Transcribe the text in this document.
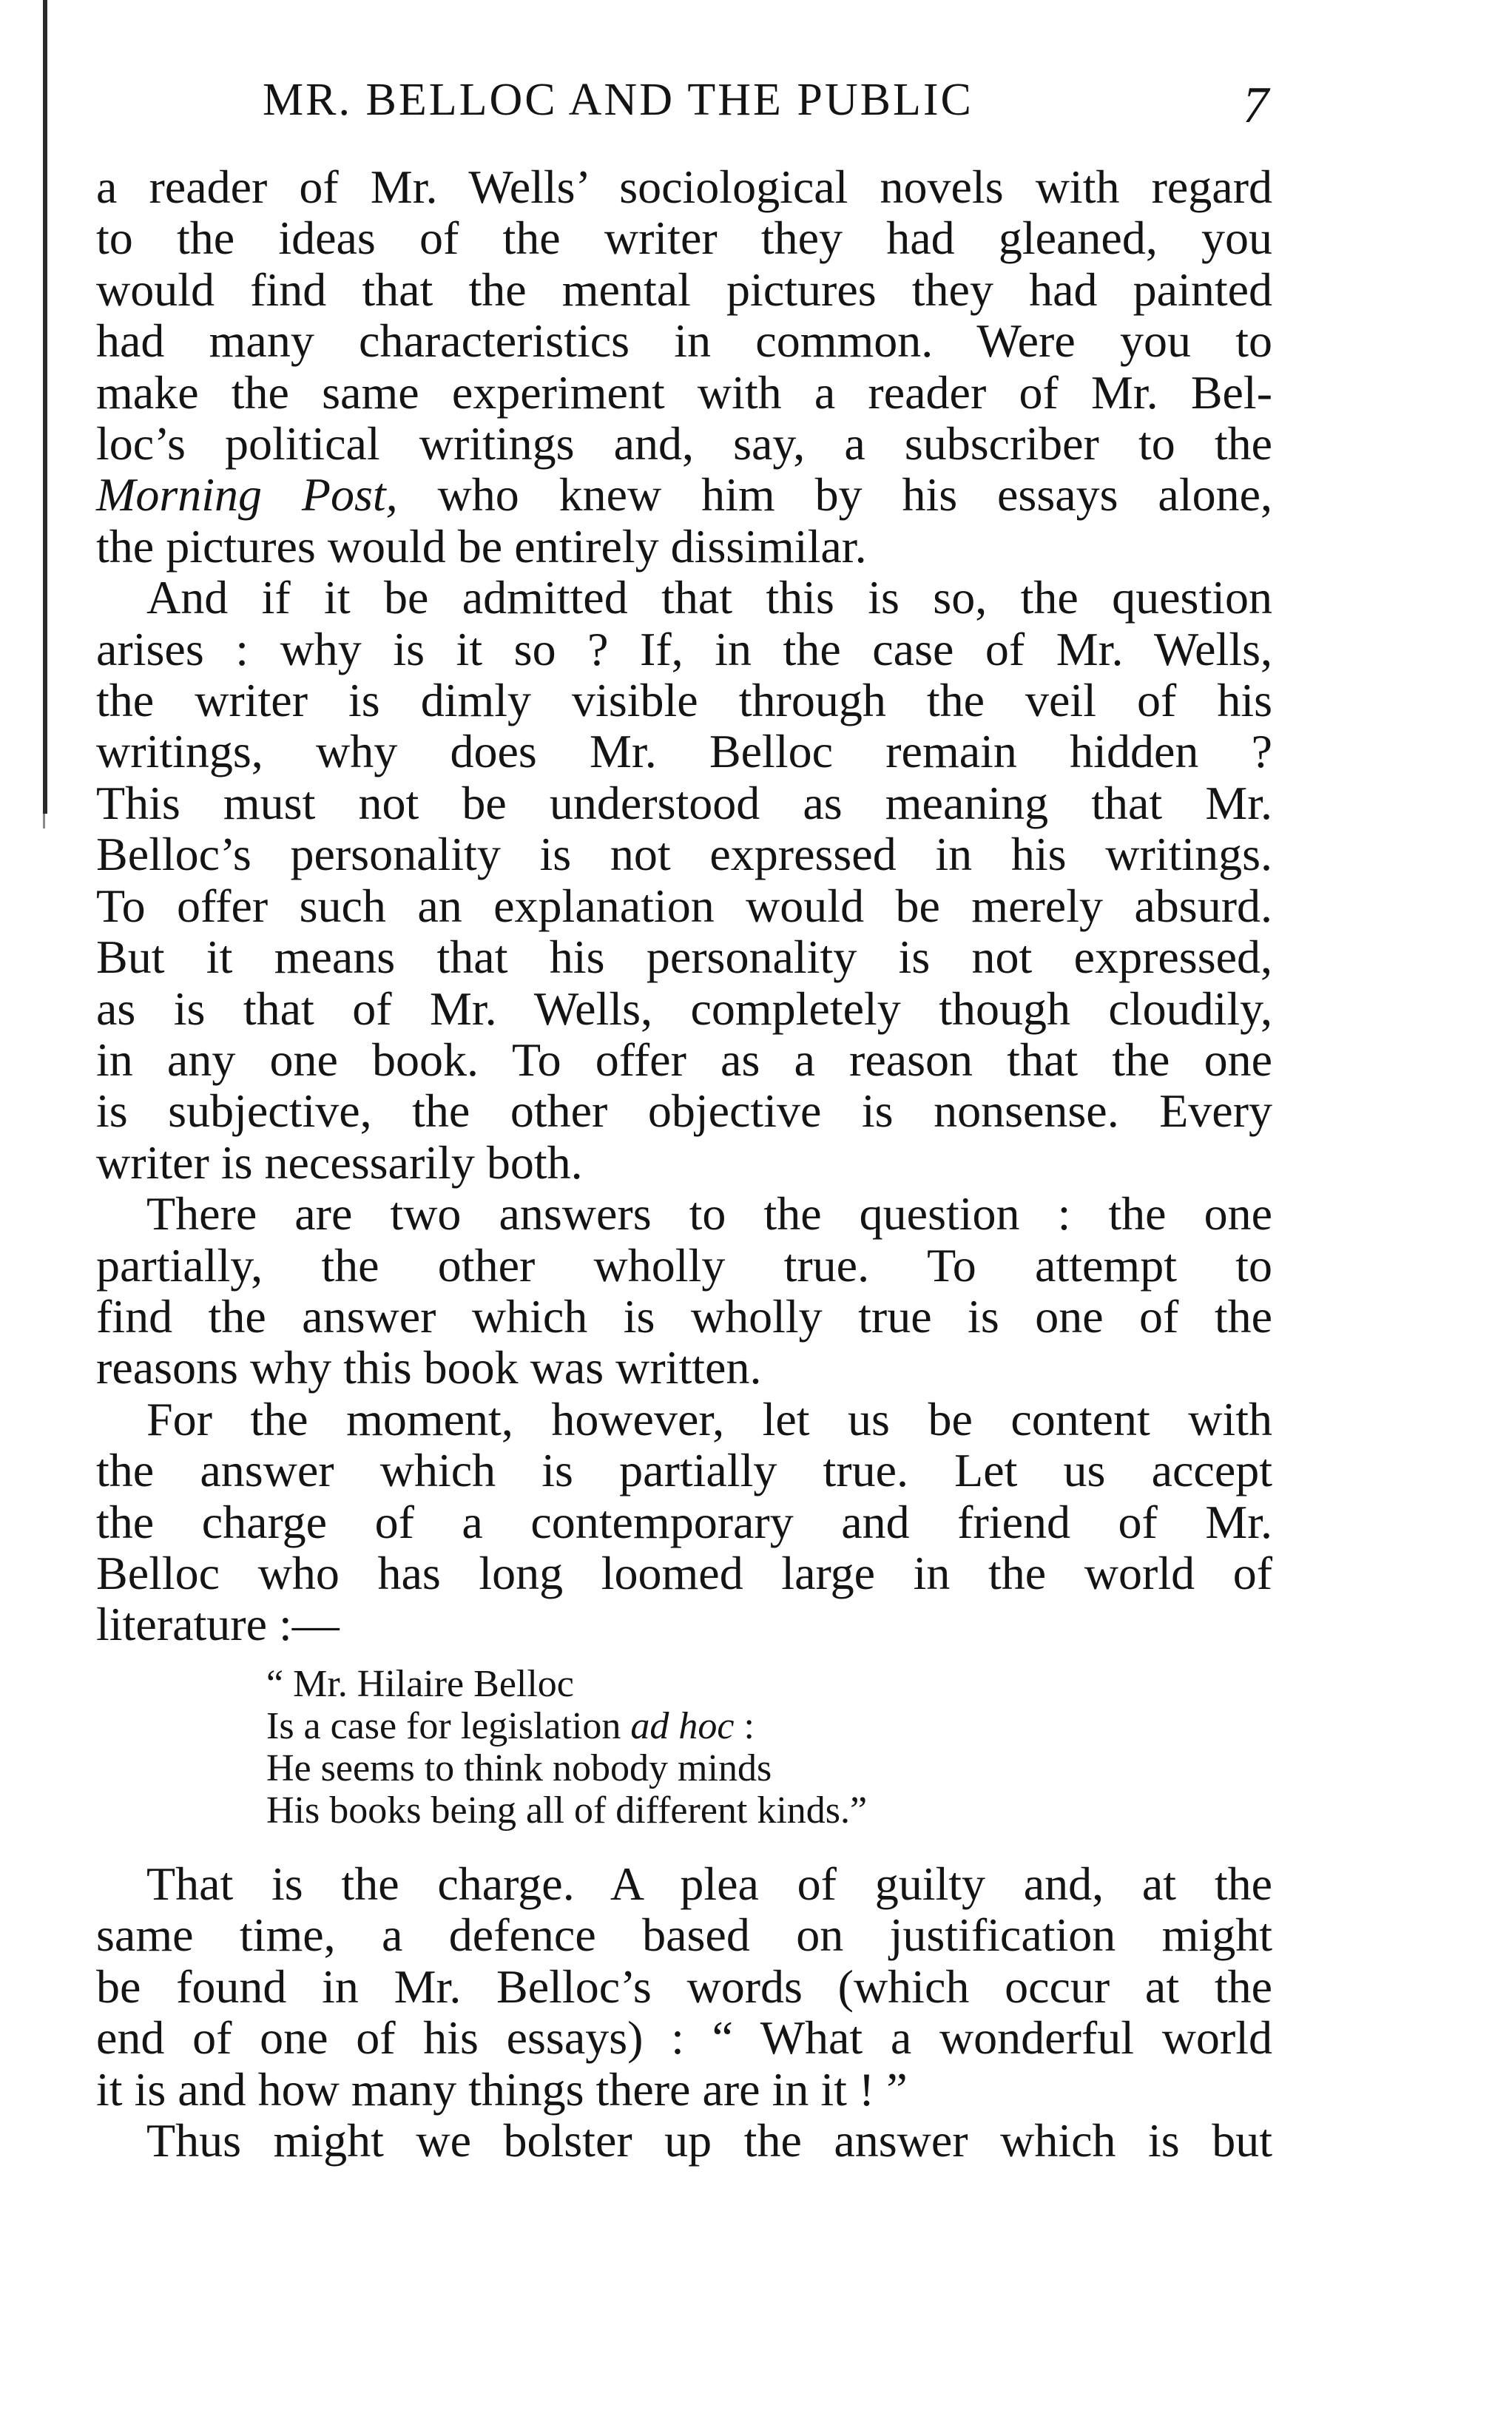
MR. BELLOC AND THE PUBLIC	7
a reader of Mr. Wells’ sociological novels with regard
to the ideas of the writer they had gleaned, you
would find that the mental pictures they had painted
had many characteristics in common. Were you to
make the same experiment with a reader of Mr. Bel-
loc’s political writings and, say, a subscriber to the
Morning Post, who knew him by his essays alone,
the pictures would be entirely dissimilar.
And if it be admitted that this is so, the question
arises : why is it so ? If, in the case of Mr. Wells,
the writer is dimly visible through the veil of his
writings, why does Mr. Belloc remain hidden ?
This must not be understood as meaning that Mr.
Belloc’s personality is not expressed in his writings.
To offer such an explanation would be merely absurd.
But it means that his personality is not expressed,
as is that of Mr. Wells, completely though cloudily,
in any one book. To offer as a reason that the one
is subjective, the other objective is nonsense. Every
writer is necessarily both.
There are two answers to the question : the one
partially, the other wholly true. To attempt to
find the answer which is wholly true is one of the
reasons why this book was written.
For the moment, however, let us be content with
the answer which is partially true. Let us accept
the charge of a contemporary and friend of Mr.
Belloc who has long loomed large in the world of
literature :—
“ Mr. Hilaire Belloc
Is a case for legislation ad hoc :
He seems to think nobody minds
His books being all of different kinds.”
That is the charge. A plea of guilty and, at the
same time, a defence based on justification might
be found in Mr. Belloc’s words (which occur at the
end of one of his essays) : “ What a wonderful world
it is and how many things there are in it ! ”
Thus might we bolster up the answer which is but
